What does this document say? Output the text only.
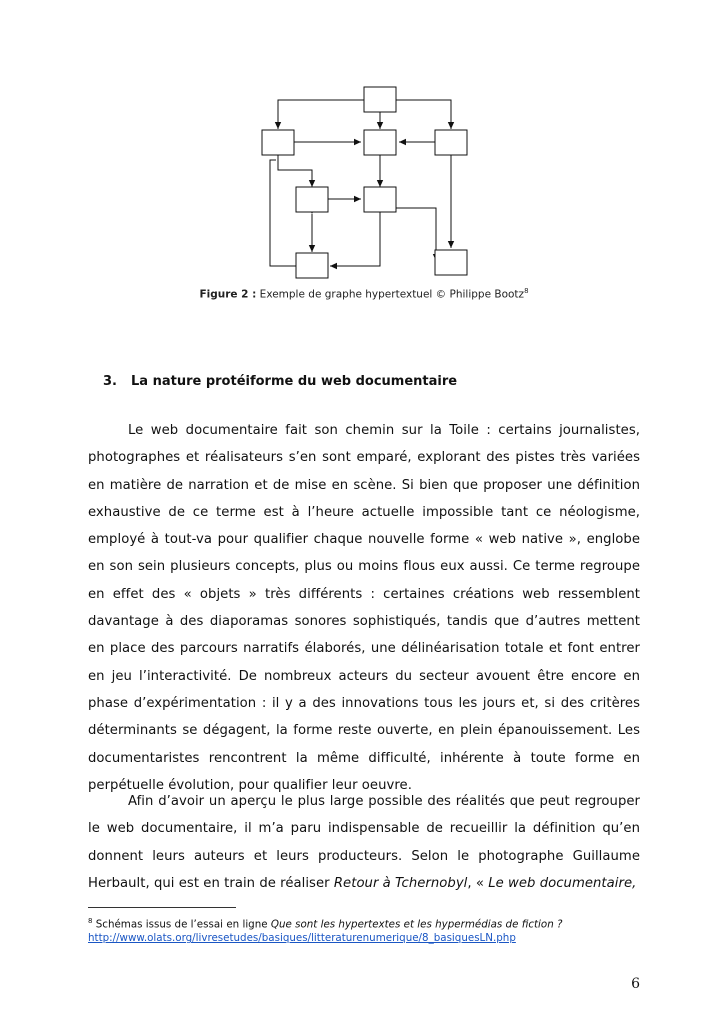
Figure 2 : Exemple de graphe hypertextuel © Philippe Bootz$^8$
3. La nature protéiforme du web documentaire

Le web documentaire fait son chemin sur la Toile : certains journalistes, photographes et réalisateurs s’en sont emparé, explorant des pistes très variées en matière de narration et de mise en scène. Si bien que proposer une définition exhaustive de ce terme est à l’heure actuelle impossible tant ce néologisme, employé à tout-va pour qualifier chaque nouvelle forme « web native », englobe en son sein plusieurs concepts, plus ou moins flous eux aussi. Ce terme regroupe en effet des « objets » très différents : certaines créations web ressemblent davantage à des diaporamas sonores sophistiqués, tandis que d’autres mettent en place des parcours narratifs élaborés, une délinéarisation totale et font entrer en jeu l’interactivité. De nombreux acteurs du secteur avouent être encore en phase d’expérimentation : il y a des innovations tous les jours et, si des critères déterminants se dégagent, la forme reste ouverte, en plein épanouissement. Les documentaristes rencontrent la même difficulté, inhérente à toute forme en perpétuelle évolution, pour qualifier leur oeuvre.

Afin d’avoir un aperçu le plus large possible des réalités que peut regrouper le web documentaire, il m’a paru indispensable de recueillir la définition qu’en donnent leurs auteurs et leurs producteurs. Selon le photographe Guillaume Herbault, qui est en train de réaliser Retour à Tchernobyl, « Le web documentaire,

$^8$ Schémas issus de l’essai en ligne Que sont les hypertextes et les hypermédias de fiction ?
http://www.olats.org/livresetudes/basiques/litteraturenumerique/8_basiquesLN.php
6
